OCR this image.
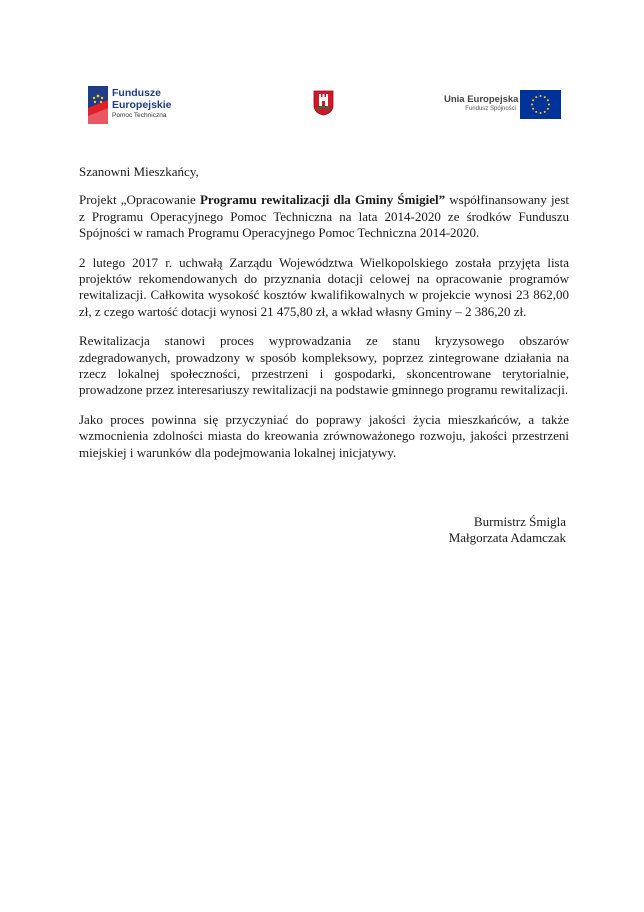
Fundusze
Europejskie
Pomoc Techniczna
Unia Europejska
Fundusz Spójności

Szanowni Mieszkańcy,

Projekt „Opracowanie Programu rewitalizacji dla Gminy Śmigiel” współfinansowany jest z Programu Operacyjnego Pomoc Techniczna na lata 2014-2020 ze środków Funduszu Spójności w ramach Programu Operacyjnego Pomoc Techniczna 2014-2020.

2 lutego 2017 r. uchwałą Zarządu Województwa Wielkopolskiego została przyjęta lista projektów rekomendowanych do przyznania dotacji celowej na opracowanie programów rewitalizacji. Całkowita wysokość kosztów kwalifikowalnych w projekcie wynosi 23 862,00 zł, z czego wartość dotacji wynosi 21 475,80 zł, a wkład własny Gminy – 2 386,20 zł.

Rewitalizacja stanowi proces wyprowadzania ze stanu kryzysowego obszarów zdegradowanych, prowadzony w sposób kompleksowy, poprzez zintegrowane działania na rzecz lokalnej społeczności, przestrzeni i gospodarki, skoncentrowane terytorialnie, prowadzone przez interesariuszy rewitalizacji na podstawie gminnego programu rewitalizacji.

Jako proces powinna się przyczyniać do poprawy jakości życia mieszkańców, a także wzmocnienia zdolności miasta do kreowania zrównoważonego rozwoju, jakości przestrzeni miejskiej i warunków dla podejmowania lokalnej inicjatywy.

Burmistrz Śmigla
Małgorzata Adamczak
